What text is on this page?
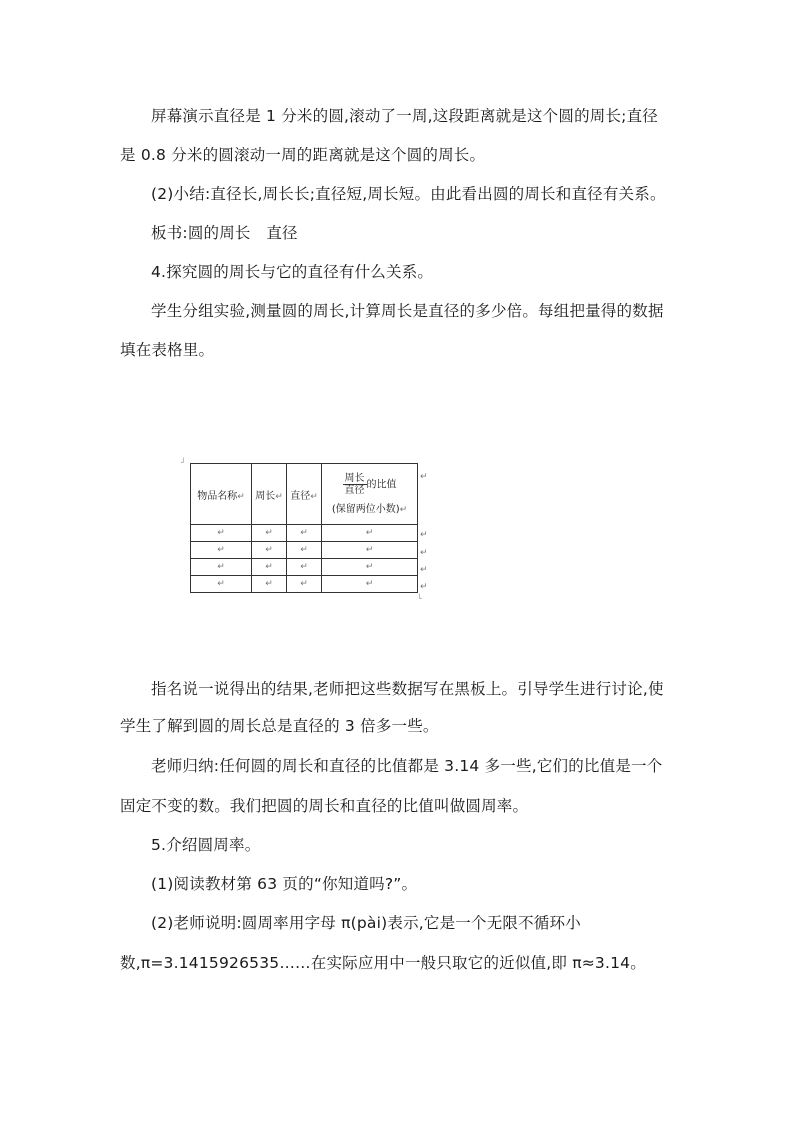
屏幕演示直径是 1 分米的圆,滚动了一周,这段距离就是这个圆的周长;直径
是 0.8 分米的圆滚动一周的距离就是这个圆的周长。
(2)小结:直径长,周长长;直径短,周长短。由此看出圆的周长和直径有关系。
板书:圆的周长　直径
4.探究圆的周长与它的直径有什么关系。
学生分组实验,测量圆的周长,计算周长是直径的多少倍。每组把量得的数据
填在表格里。
┘
物品名称↵	周长↵	直径↵	$\frac{\text{周长}}{\text{直径}}$ 的比值
(保留两位小数)↵

↵	↵	↵	↵
↵	↵	↵	↵
↵	↵	↵	↵
↵	↵	↵	↵
↵
↵
↵
↵
↵
└
指名说一说得出的结果,老师把这些数据写在黑板上。引导学生进行讨论,使
学生了解到圆的周长总是直径的 3 倍多一些。
老师归纳:任何圆的周长和直径的比值都是 3.14 多一些,它们的比值是一个
固定不变的数。我们把圆的周长和直径的比值叫做圆周率。
5.介绍圆周率。
(1)阅读教材第 63 页的“你知道吗?”。
(2)老师说明:圆周率用字母 π(pài)表示,它是一个无限不循环小
数,π=3.1415926535……在实际应用中一般只取它的近似值,即 π≈3.14。
